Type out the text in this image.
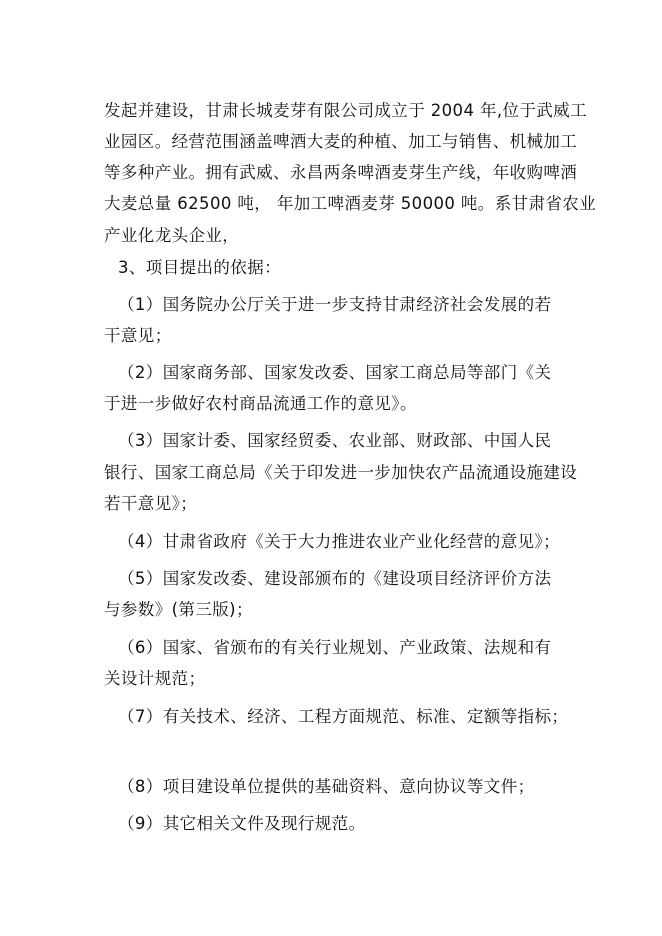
发起并建设，甘肃长城麦芽有限公司成立于 2004 年,位于武威工
业园区。经营范围涵盖啤酒大麦的种植、加工与销售、机械加工
等多种产业。拥有武威、永昌两条啤酒麦芽生产线，年收购啤酒
大麦总量 62500 吨， 年加工啤酒麦芽 50000 吨。系甘肃省农业
产业化龙头企业，
3、项目提出的依据：
（1）国务院办公厅关于进一步支持甘肃经济社会发展的若
干意见；
（2）国家商务部、国家发改委、国家工商总局等部门《关
于进一步做好农村商品流通工作的意见》。
（3）国家计委、国家经贸委、农业部、财政部、中国人民
银行、国家工商总局《关于印发进一步加快农产品流通设施建设
若干意见》；
（4）甘肃省政府《关于大力推进农业产业化经营的意见》；
（5）国家发改委、建设部颁布的《建设项目经济评价方法
与参数》(第三版)；
（6）国家、省颁布的有关行业规划、产业政策、法规和有
关设计规范；
（7）有关技术、经济、工程方面规范、标准、定额等指标；
（8）项目建设单位提供的基础资料、意向协议等文件；
（9）其它相关文件及现行规范。
